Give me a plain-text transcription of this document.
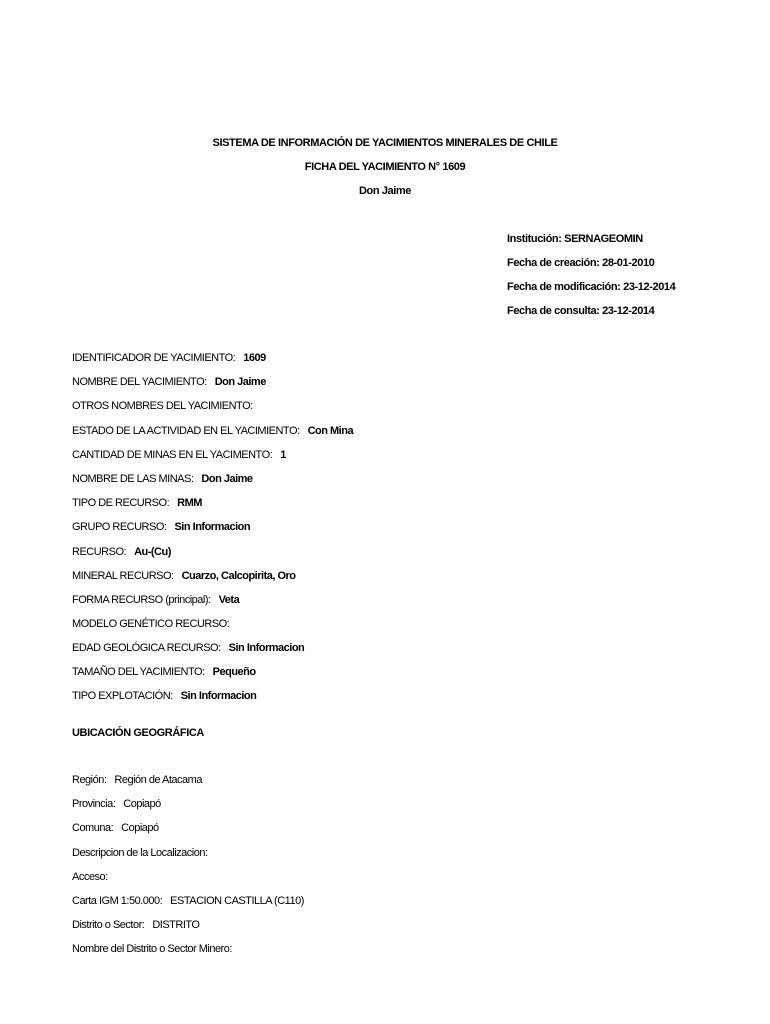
SISTEMA DE INFORMACIÓN DE YACIMIENTOS MINERALES DE CHILE
FICHA DEL YACIMIENTO N° 1609
Don Jaime
Institución: SERNAGEOMIN
Fecha de creación: 28-01-2010
Fecha de modificación: 23-12-2014
Fecha de consulta: 23-12-2014
IDENTIFICADOR DE YACIMIENTO: 1609
NOMBRE DEL YACIMIENTO: Don Jaime
OTROS NOMBRES DEL YACIMIENTO:
ESTADO DE LA ACTIVIDAD EN EL YACIMIENTO: Con Mina
CANTIDAD DE MINAS EN EL YACIMENTO: 1
NOMBRE DE LAS MINAS: Don Jaime
TIPO DE RECURSO: RMM
GRUPO RECURSO: Sin Informacion
RECURSO: Au-(Cu)
MINERAL RECURSO: Cuarzo, Calcopirita, Oro
FORMA RECURSO (principal): Veta
MODELO GENÉTICO RECURSO:
EDAD GEOLÓGICA RECURSO: Sin Informacion
TAMAÑO DEL YACIMIENTO: Pequeño
TIPO EXPLOTACIÓN: Sin Informacion
UBICACIÓN GEOGRÁFICA
Región: Región de Atacama
Provincia: Copiapó
Comuna: Copiapó
Descripcion de la Localizacion:
Acceso:
Carta IGM 1:50.000: ESTACION CASTILLA (C110)
Distrito o Sector: DISTRITO
Nombre del Distrito o Sector Minero:
